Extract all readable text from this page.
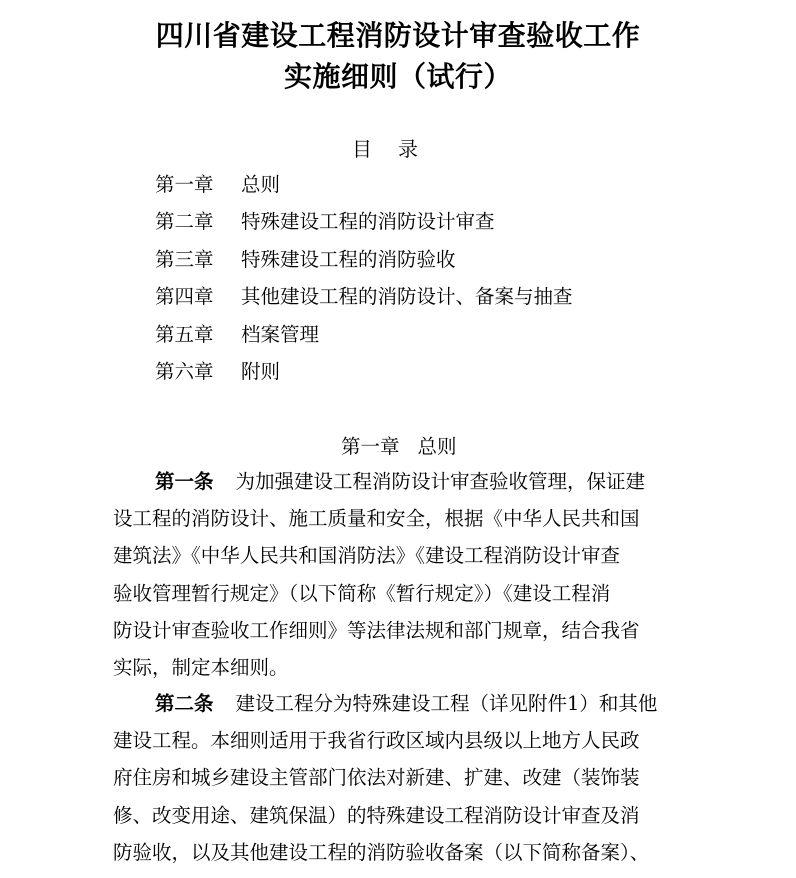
四川省建设工程消防设计审查验收工作
实施细则（试行）
目录
第一章 总则
第二章 特殊建设工程的消防设计审查
第三章 特殊建设工程的消防验收
第四章 其他建设工程的消防设计、备案与抽查
第五章 档案管理
第六章 附则
第一章 总则
第一条 为加强建设工程消防设计审查验收管理，保证建
设工程的消防设计、施工质量和安全，根据《中华人民共和国
建筑法》《中华人民共和国消防法》《建设工程消防设计审查
验收管理暂行规定》（以下简称《暂行规定》）《建设工程消
防设计审查验收工作细则》等法律法规和部门规章，结合我省
实际，制定本细则。
第二条 建设工程分为特殊建设工程（详见附件1）和其他
建设工程。本细则适用于我省行政区域内县级以上地方人民政
府住房和城乡建设主管部门依法对新建、扩建、改建（装饰装
修、改变用途、建筑保温）的特殊建设工程消防设计审查及消
防验收，以及其他建设工程的消防验收备案（以下简称备案）、
